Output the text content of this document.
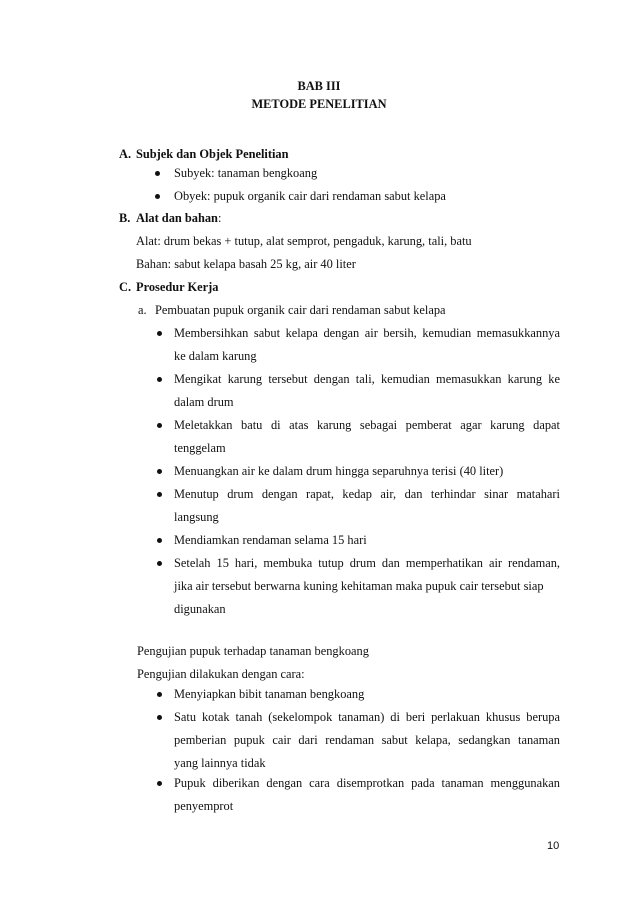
BAB III
METODE PENELITIAN
A. Subjek dan Objek Penelitian
Subyek: tanaman bengkoang
Obyek: pupuk organik cair dari rendaman sabut kelapa
B. Alat dan bahan:
Alat: drum bekas + tutup, alat semprot, pengaduk, karung, tali, batu
Bahan: sabut kelapa basah 25 kg, air 40 liter
C. Prosedur Kerja
a. Pembuatan pupuk organik cair dari rendaman sabut kelapa
Membersihkan sabut kelapa dengan air bersih, kemudian memasukkannya
ke dalam karung
Mengikat karung tersebut dengan tali, kemudian memasukkan karung ke
dalam drum
Meletakkan batu di atas karung sebagai pemberat agar karung dapat
tenggelam
Menuangkan air ke dalam drum hingga separuhnya terisi (40 liter)
Menutup drum dengan rapat, kedap air, dan terhindar sinar matahari
langsung
Mendiamkan rendaman selama 15 hari
Setelah 15 hari, membuka tutup drum dan memperhatikan air rendaman,
jika air tersebut berwarna kuning kehitaman maka pupuk cair tersebut siap
digunakan
Pengujian pupuk terhadap tanaman bengkoang
Pengujian dilakukan dengan cara:
Menyiapkan bibit tanaman bengkoang
Satu kotak tanah (sekelompok tanaman) di beri perlakuan khusus berupa
pemberian pupuk cair dari rendaman sabut kelapa, sedangkan tanaman
yang lainnya tidak
Pupuk diberikan dengan cara disemprotkan pada tanaman menggunakan
penyemprot
10
